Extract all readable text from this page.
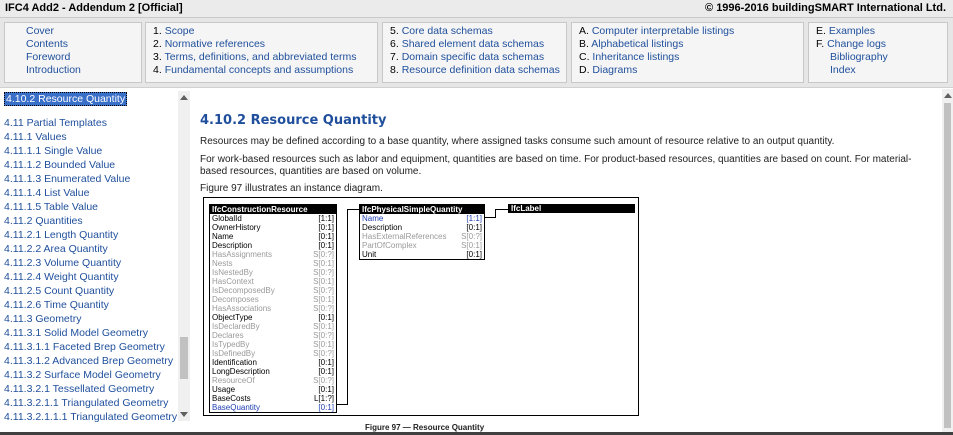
IFC4 Add2 - Addendum 2 [Official]	© 1996-2016 buildingSMART International Ltd.
Cover
Contents
Foreword
Introduction
1. Scope
2. Normative references
3. Terms, definitions, and abbreviated terms
4. Fundamental concepts and assumptions
5. Core data schemas
6. Shared element data schemas
7. Domain specific data schemas
8. Resource definition data schemas
A. Computer interpretable listings
B. Alphabetical listings
C. Inheritance listings
D. Diagrams
E. Examples
F. Change logs
Bibliography
Index
4.10.2 Resource Quantity
4.11 Partial Templates
4.11.1 Values
4.11.1.1 Single Value
4.11.1.2 Bounded Value
4.11.1.3 Enumerated Value
4.11.1.4 List Value
4.11.1.5 Table Value
4.11.2 Quantities
4.11.2.1 Length Quantity
4.11.2.2 Area Quantity
4.11.2.3 Volume Quantity
4.11.2.4 Weight Quantity
4.11.2.5 Count Quantity
4.11.2.6 Time Quantity
4.11.3 Geometry
4.11.3.1 Solid Model Geometry
4.11.3.1.1 Faceted Brep Geometry
4.11.3.1.2 Advanced Brep Geometry
4.11.3.2 Surface Model Geometry
4.11.3.2.1 Tessellated Geometry
4.11.3.2.1.1 Triangulated Geometry
4.11.3.2.1.1.1 Triangulated Geometry
4.10.2 Resource Quantity

Resources may be defined according to a base quantity, where assigned tasks consume such amount of resource relative to an output quantity.

For work-based resources such as labor and equipment, quantities are based on time. For product-based resources, quantities are based on count. For material-based resources, quantities are based on volume.

Figure 97 illustrates an instance diagram.

IfcConstructionResource
GlobalId	[1:1]
OwnerHistory	[0:1]
Name	[0:1]
Description	[0:1]
HasAssignments	S[0:?]
Nests	S[0:1]
IsNestedBy	S[0:?]
HasContext	S[0:1]
IsDecomposedBy	S[0:?]
Decomposes	S[0:1]
HasAssociations	S[0:?]
ObjectType	[0:1]
IsDeclaredBy	S[0:1]
Declares	S[0:?]
IsTypedBy	S[0:1]
IsDefinedBy	S[0:?]
Identification	[0:1]
LongDescription	[0:1]
ResourceOf	S[0:?]
Usage	[0:1]
BaseCosts	L[1:?]
BaseQuantity	[0:1]
IfcPhysicalSimpleQuantity
Name	[1:1]
Description	[0:1]
HasExternalReferences S[0:?]
PartOfComplex	S[0:1]
Unit	[0:1]
IfcLabel
Figure 97 — Resource Quantity
